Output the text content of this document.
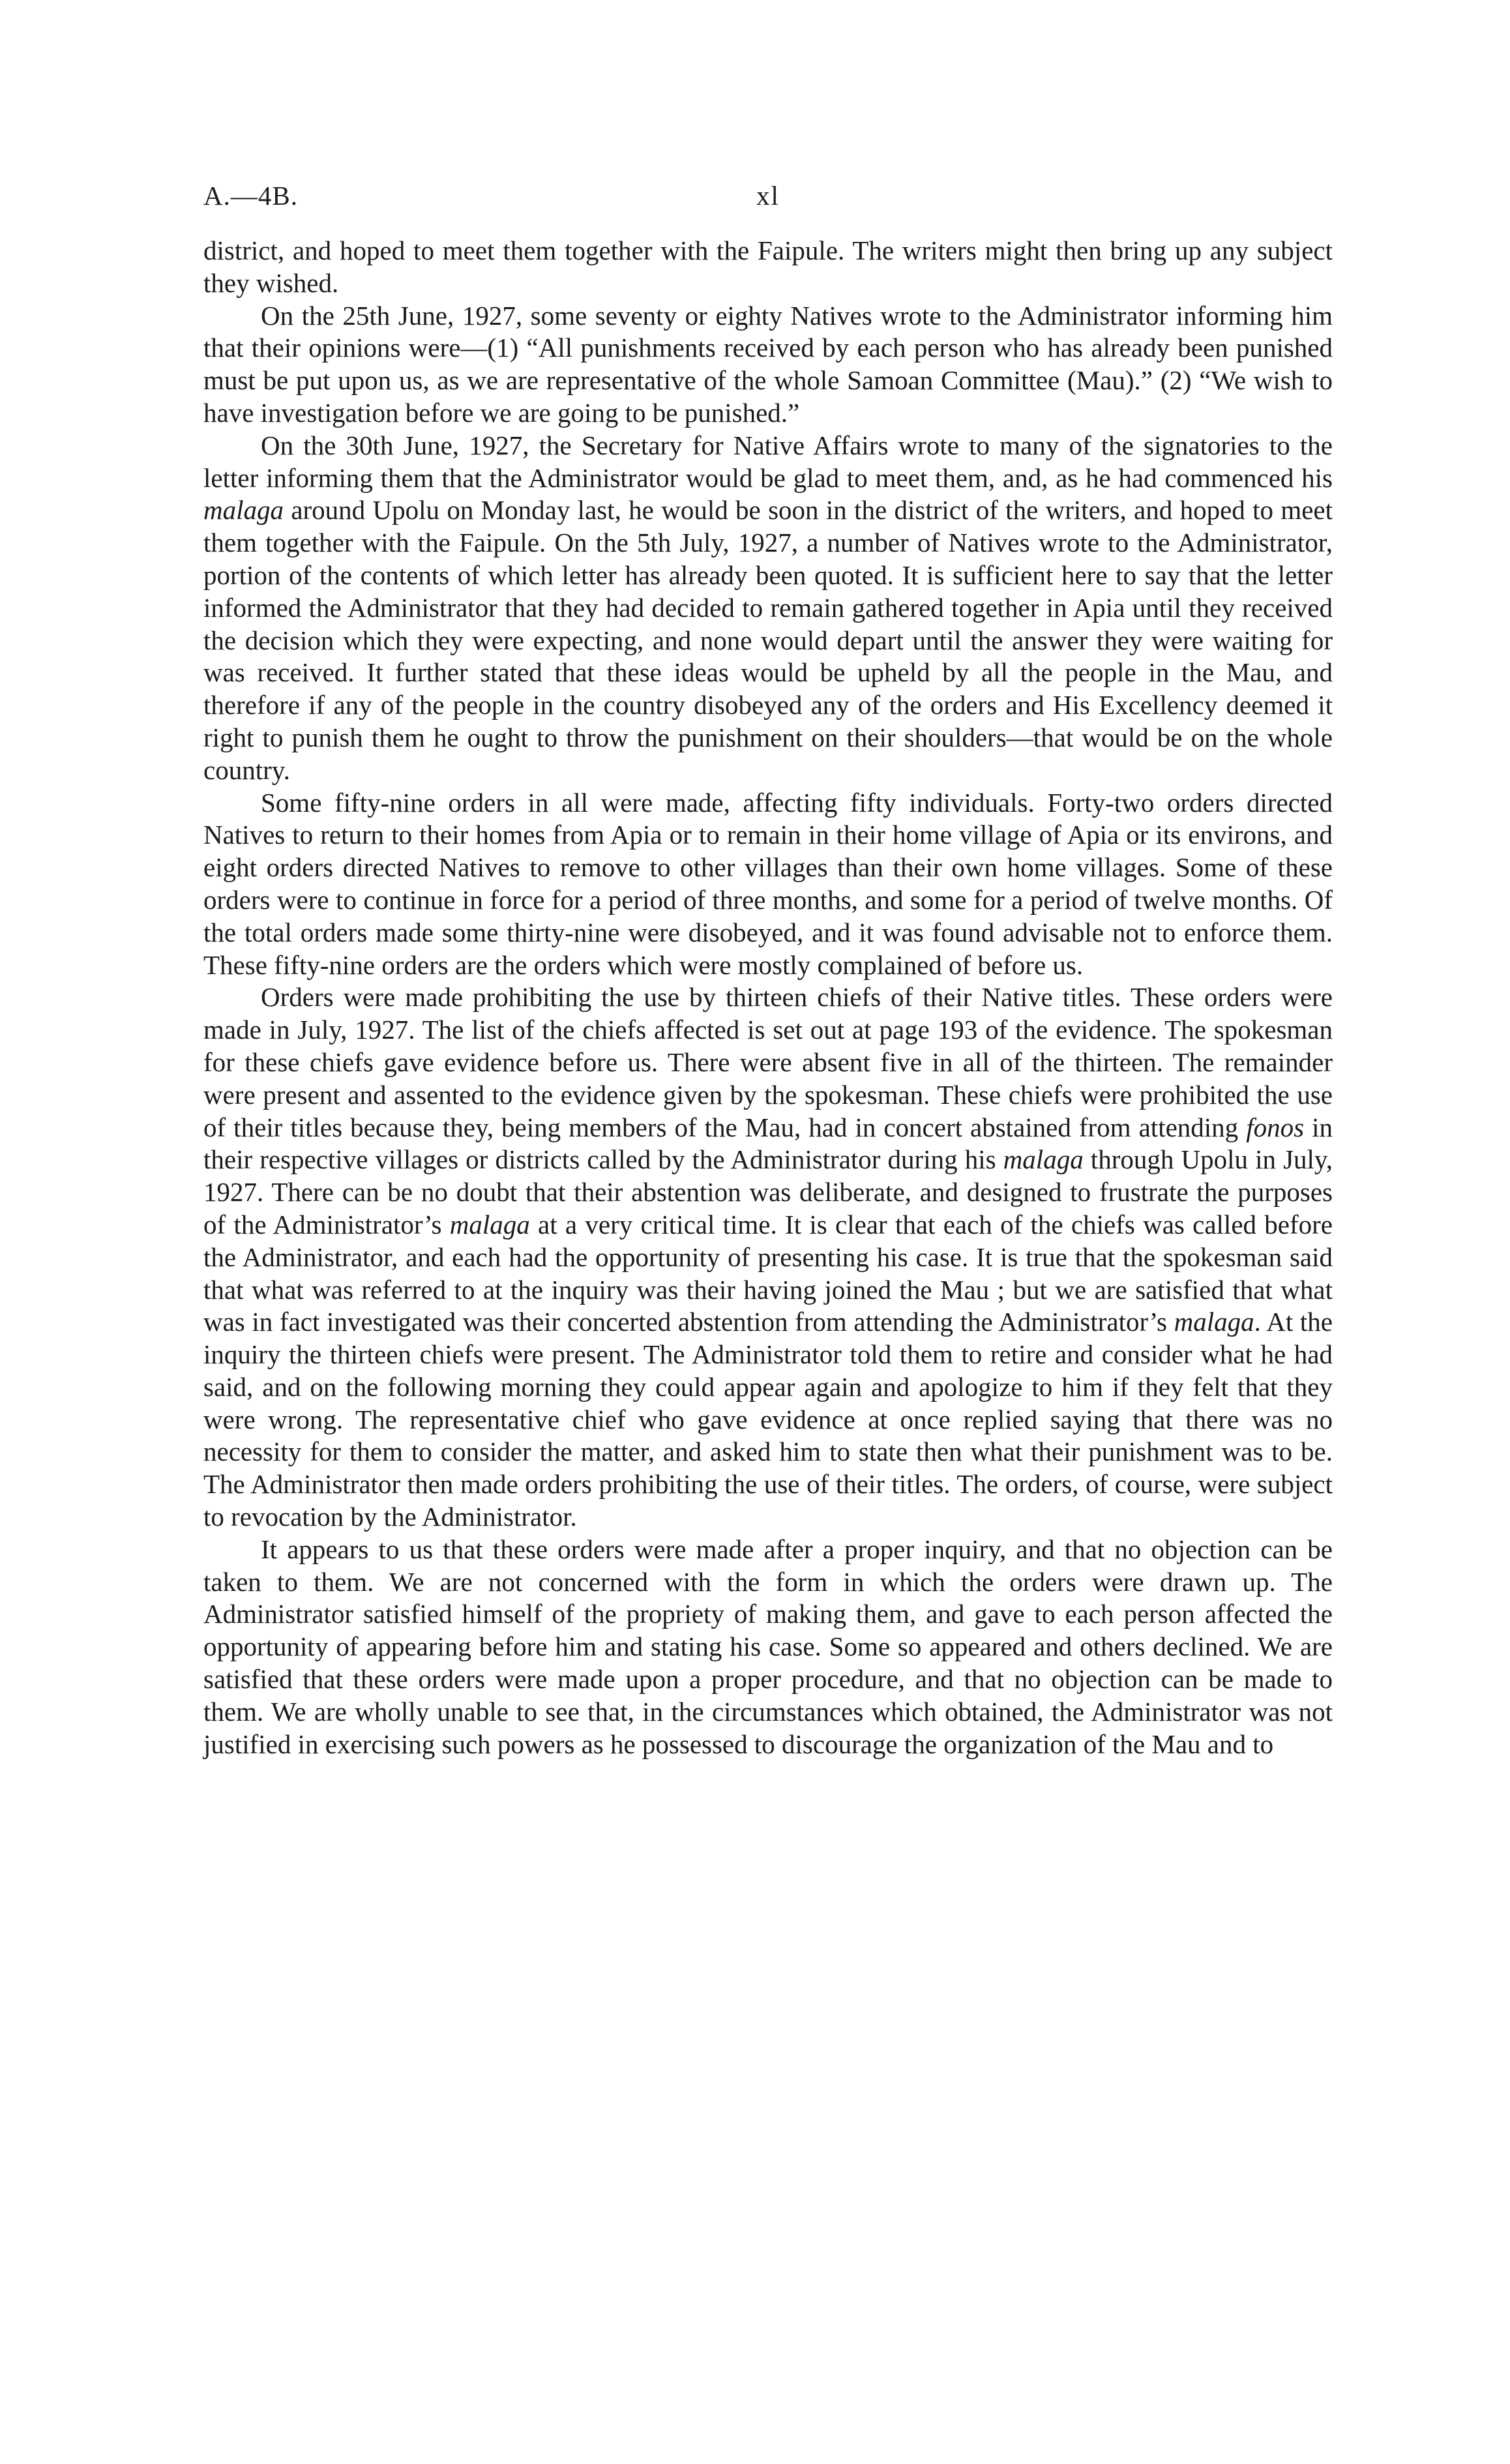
A.—4B.	xl

district, and hoped to meet them together with the Faipule. The writers might then bring up any subject they wished.

On the 25th June, 1927, some seventy or eighty Natives wrote to the Administrator informing him that their opinions were—(1) “All punishments received by each person who has already been punished must be put upon us, as we are representative of the whole Samoan Committee (Mau).” (2) “We wish to have investigation before we are going to be punished.”

On the 30th June, 1927, the Secretary for Native Affairs wrote to many of the signatories to the letter informing them that the Administrator would be glad to meet them, and, as he had commenced his malaga around Upolu on Monday last, he would be soon in the district of the writers, and hoped to meet them together with the Faipule. On the 5th July, 1927, a number of Natives wrote to the Administrator, portion of the contents of which letter has already been quoted. It is sufficient here to say that the letter informed the Administrator that they had decided to remain gathered together in Apia until they received the decision which they were expecting, and none would depart until the answer they were waiting for was received. It further stated that these ideas would be upheld by all the people in the Mau, and therefore if any of the people in the country disobeyed any of the orders and His Excellency deemed it right to punish them he ought to throw the punishment on their shoulders—that would be on the whole country.

Some fifty-nine orders in all were made, affecting fifty individuals. Forty-two orders directed Natives to return to their homes from Apia or to remain in their home village of Apia or its environs, and eight orders directed Natives to remove to other villages than their own home villages. Some of these orders were to continue in force for a period of three months, and some for a period of twelve months. Of the total orders made some thirty-nine were disobeyed, and it was found advisable not to enforce them. These fifty-nine orders are the orders which were mostly complained of before us.

Orders were made prohibiting the use by thirteen chiefs of their Native titles. These orders were made in July, 1927. The list of the chiefs affected is set out at page 193 of the evidence. The spokesman for these chiefs gave evidence before us. There were absent five in all of the thirteen. The remainder were present and assented to the evidence given by the spokesman. These chiefs were prohibited the use of their titles because they, being members of the Mau, had in concert abstained from attending fonos in their respective villages or districts called by the Administrator during his malaga through Upolu in July, 1927. There can be no doubt that their abstention was deliberate, and designed to frustrate the purposes of the Administrator’s malaga at a very critical time. It is clear that each of the chiefs was called before the Administrator, and each had the opportunity of presenting his case. It is true that the spokesman said that what was referred to at the inquiry was their having joined the Mau ; but we are satisfied that what was in fact investigated was their concerted abstention from attending the Administrator’s malaga. At the inquiry the thirteen chiefs were present. The Administrator told them to retire and consider what he had said, and on the following morning they could appear again and apologize to him if they felt that they were wrong. The representative chief who gave evidence at once replied saying that there was no necessity for them to consider the matter, and asked him to state then what their punishment was to be. The Administrator then made orders prohibiting the use of their titles. The orders, of course, were subject to revocation by the Administrator.

It appears to us that these orders were made after a proper inquiry, and that no objection can be taken to them. We are not concerned with the form in which the orders were drawn up. The Administrator satisfied himself of the propriety of making them, and gave to each person affected the opportunity of appearing before him and stating his case. Some so appeared and others declined. We are satisfied that these orders were made upon a proper procedure, and that no objection can be made to them. We are wholly unable to see that, in the circumstances which obtained, the Administrator was not justified in exercising such powers as he possessed to discourage the organization of the Mau and to
